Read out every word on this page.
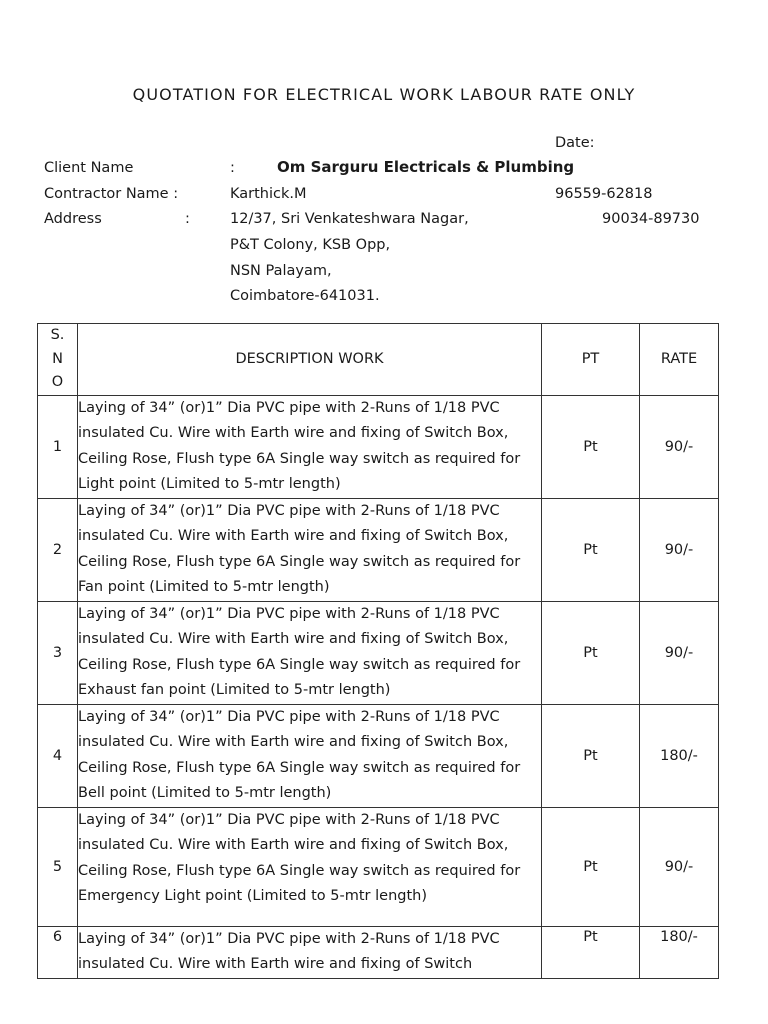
QUOTATION FOR ELECTRICAL WORK LABOUR RATE ONLY
Date:
Client Name	:	Om Sarguru Electricals & Plumbing
Contractor Name :	Karthick.M	96559-62818
Address	:	12/37, Sri Venkateshwara Nagar,	90034-89730
P&T Colony, KSB Opp,
NSN Palayam,
Coimbatore-641031.
S.
N
O	DESCRIPTION WORK	PT	RATE
1	Laying of 34” (or)1” Dia PVC pipe with 2-Runs of 1/18 PVC insulated Cu. Wire with Earth wire and fixing of Switch Box, Ceiling Rose, Flush type 6A Single way switch as required for Light point (Limited to 5-mtr length)	Pt	90/-
2	Laying of 34” (or)1” Dia PVC pipe with 2-Runs of 1/18 PVC insulated Cu. Wire with Earth wire and fixing of Switch Box, Ceiling Rose, Flush type 6A Single way switch as required for Fan point (Limited to 5-mtr length)	Pt	90/-
3	Laying of 34” (or)1” Dia PVC pipe with 2-Runs of 1/18 PVC insulated Cu. Wire with Earth wire and fixing of Switch Box, Ceiling Rose, Flush type 6A Single way switch as required for Exhaust fan point (Limited to 5-mtr length)	Pt	90/-
4	Laying of 34” (or)1” Dia PVC pipe with 2-Runs of 1/18 PVC insulated Cu. Wire with Earth wire and fixing of Switch Box, Ceiling Rose, Flush type 6A Single way switch as required for Bell point (Limited to 5-mtr length)	Pt	180/-
5	Laying of 34” (or)1” Dia PVC pipe with 2-Runs of 1/18 PVC insulated Cu. Wire with Earth wire and fixing of Switch Box, Ceiling Rose, Flush type 6A Single way switch as required for Emergency Light point (Limited to 5-mtr length)	Pt	90/-
6	Laying of 34” (or)1” Dia PVC pipe with 2-Runs of 1/18 PVC insulated Cu. Wire with Earth wire and fixing of Switch	Pt	180/-
